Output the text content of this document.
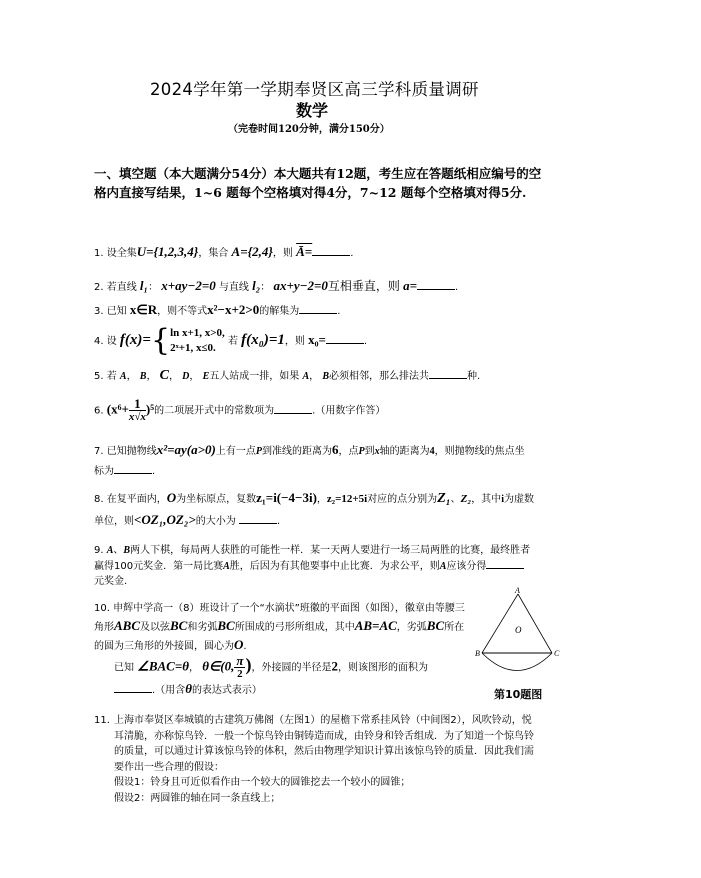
2024学年第一学期奉贤区高三学科质量调研
数学
（完卷时间120分钟，满分150分）
一、填空题（本大题满分54分）本大题共有12题，考生应在答题纸相应编号的空格内直接写结果，1~6 题每个空格填对得4分，7~12 题每个空格填对得5分.
1. 设全集U={1,2,3,4}，集合 A={2,4}，则 Ā=	.
2. 若直线 l₁： x+ay−2=0 与直线 l₂： ax+y−2=0互相垂直，则 a=	.
3. 已知 x∈R，则不等式x²−x+2>0的解集为	.
4. 设 f(x)={ ln x+1, x>0,
2ˣ+1, x≤0.
若 f(x₀)=1，则 x₀=	.
5. 若 A， B， C， D， E五人站成一排，如果 A， B必须相邻，那么排法共	种.
6. $(x^6+ \frac{1}{x√x} )^5$的二项展开式中的常数项为	.（用数字作答）
7. 已知抛物线x²=ay(a>0)上有一点P到准线的距离为6，点P到x轴的距离为4，则抛物线的焦点坐标为	.
8. 在复平面内，O为坐标原点，复数z₁=i(−4−3i)，z₂=12+5i对应的点分别为Z₁、Z₂，其中i为虚数单位，则<OZ₁,OZ₂>的大小为	.
9. A、B两人下棋，每局两人获胜的可能性一样．某一天两人要进行一场三局两胜的比赛，最终胜者赢得100元奖金．第一局比赛A胜，后因为有其他要事中止比赛．为求公平，则A应该分得元奖金.
10. 申辉中学高一（8）班设计了一个“水滴状”班徽的平面图（如图），徽章由等腰三角形ABC及以弦BC和劣弧BC所围成的弓形所组成，其中AB=AC，劣弧BC所在的圆为三角形的外接圆，圆心为O.
已知 ∠BAC=θ， θ∈(0, $\frac{\pi}{2}$ )，外接圆的半径是2，则该图形的面积为
.（用含θ的表达式表示）
A
B	C
O
第10题图
11. 上海市奉贤区奉城镇的古建筑万佛阁（左图1）的屋檐下常系挂风铃（中间图2），风吹铃动，悦耳清脆，亦称惊鸟铃．一般一个惊鸟铃由铜铸造而成，由铃身和铃舌组成．为了知道一个惊鸟铃的质量，可以通过计算该惊鸟铃的体积，然后由物理学知识计算出该惊鸟铃的质量．因此我们需要作出一些合理的假设：
假设1：铃身且可近似看作由一个较大的圆锥挖去一个较小的圆锥；
假设2：两圆锥的轴在同一条直线上；
